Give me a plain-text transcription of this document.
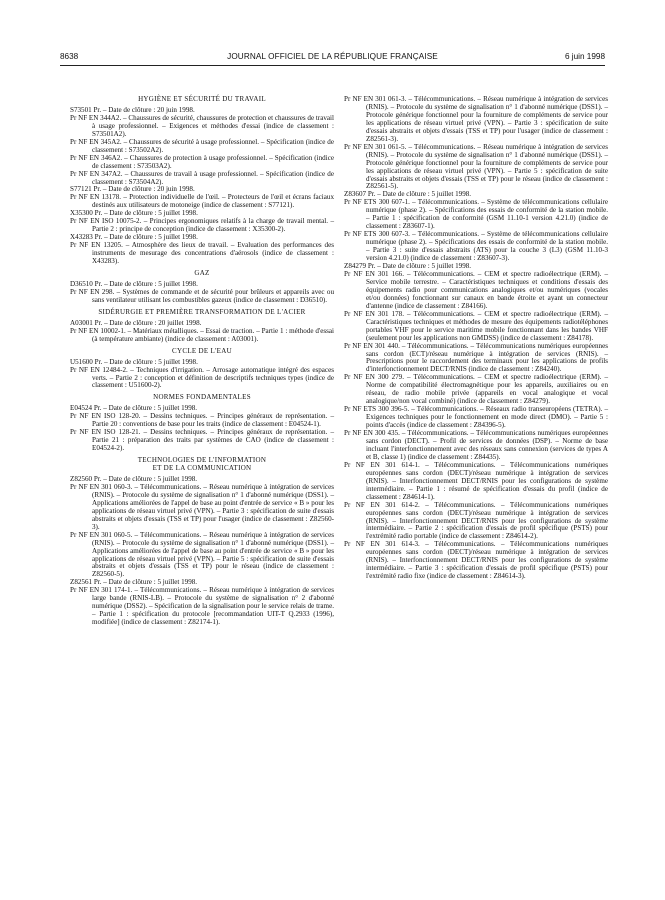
8638	JOURNAL OFFICIEL DE LA RÉPUBLIQUE FRANÇAISE	6 juin 1998
HYGIÈNE ET SÉCURITÉ DU TRAVAIL

S73501 Pr. – Date de clôture : 20 juin 1998.

Pr NF EN 344A2. – Chaussures de sécurité, chaussures de protection et chaussures de travail à usage professionnel. – Exigences et méthodes d'essai (indice de classement : S73501A2).

Pr NF EN 345A2. – Chaussures de sécurité à usage professionnel. – Spécification (indice de classement : S73502A2).

Pr NF EN 346A2. – Chaussures de protection à usage professionnel. – Spécification (indice de classement : S73503A2).

Pr NF EN 347A2. – Chaussures de travail à usage professionnel. – Spécification (indice de classement : S73504A2).

S77121 Pr. – Date de clôture : 20 juin 1998.

Pr NF EN 13178. – Protection individuelle de l'œil. – Protecteurs de l'œil et écrans faciaux destinés aux utilisateurs de motoneige (indice de classement : S77121).

X35300 Pr. – Date de clôture : 5 juillet 1998.

Pr NF EN ISO 10075-2. – Principes ergonomiques relatifs à la charge de travail mental. – Partie 2 : principe de conception (indice de classement : X35300-2).

X43283 Pr. – Date de clôture : 5 juillet 1998.

Pr NF EN 13205. – Atmosphère des lieux de travail. – Evaluation des performances des instruments de mesurage des concentrations d'aérosols (indice de classement : X43283).

GAZ

D36510 Pr. – Date de clôture : 5 juillet 1998.

Pr NF EN 298. – Systèmes de commande et de sécurité pour brûleurs et appareils avec ou sans ventilateur utilisant les combustibles gazeux (indice de classement : D36510).

SIDÉRURGIE ET PREMIÈRE TRANSFORMATION DE L'ACIER

A03001 Pr. – Date de clôture : 20 juillet 1998.

Pr NF EN 10002-1. – Matériaux métalliques. – Essai de traction. – Partie 1 : méthode d'essai (à température ambiante) (indice de classement : A03001).

CYCLE DE L'EAU

U51600 Pr. – Date de clôture : 5 juillet 1998.

Pr NF EN 12484-2. – Techniques d'irrigation. – Arrosage automatique intégré des espaces verts. – Partie 2 : conception et définition de descriptifs techniques types (indice de classement : U51600-2).

NORMES FONDAMENTALES

E04524 Pr. – Date de clôture : 5 juillet 1998.

Pr NF EN ISO 128-20. – Dessins techniques. – Principes généraux de représentation. – Partie 20 : conventions de base pour les traits (indice de classement : E04524-1).

Pr NF EN ISO 128-21. – Dessins techniques. – Principes généraux de représentation. – Partie 21 : préparation des traits par systèmes de CAO (indice de classement : E04524-2).

TECHNOLOGIES DE L'INFORMATION
ET DE LA COMMUNICATION

Z82560 Pr. – Date de clôture : 5 juillet 1998.

Pr NF EN 301 060-3. – Télécommunications. – Réseau numérique à intégration de services (RNIS). – Protocole du système de signalisation n° 1 d'abonné numérique (DSS1). – Applications améliorées de l'appel de base au point d'entrée de service « B » pour les applications de réseau virtuel privé (VPN). – Partie 3 : spécification de suite d'essais abstraits et objets d'essais (TSS et TP) pour l'usager (indice de classement : Z82560-3).

Pr NF EN 301 060-5. – Télécommunications. – Réseau numérique à intégration de services (RNIS). – Protocole du système de signalisation n° 1 d'abonné numérique (DSS1). – Applications améliorées de l'appel de base au point d'entrée de service « B » pour les applications de réseau virtuel privé (VPN). – Partie 5 : spécification de suite d'essais abstraits et objets d'essais (TSS et TP) pour le réseau (indice de classement : Z82560-5).

Z82561 Pr. – Date de clôture : 5 juillet 1998.

Pr NF EN 301 174-1. – Télécommunications. – Réseau numérique à intégration de services large bande (RNIS-LB). – Protocole du système de signalisation n° 2 d'abonné numérique (DSS2). – Spécification de la signalisation pour le service relais de trame. – Partie 1 : spécification du protocole [recommandation UIT-T Q.2933 (1996), modifiée] (indice de classement : Z82174-1).

Pr NF EN 301 061-3. – Télécommunications. – Réseau numérique à intégration de services (RNIS). – Protocole du système de signalisation n° 1 d'abonné numérique (DSS1). – Protocole générique fonctionnel pour la fourniture de compléments de service pour les applications de réseau virtuel privé (VPN). – Partie 3 : spécification de suite d'essais abstraits et objets d'essais (TSS et TP) pour l'usager (indice de classement : Z82561-3).

Pr NF EN 301 061-5. – Télécommunications. – Réseau numérique à intégration de services (RNIS). – Protocole du système de signalisation n° 1 d'abonné numérique (DSS1). – Protocole générique fonctionnel pour la fourniture de compléments de service pour les applications de réseau virtuel privé (VPN). – Partie 5 : spécification de suite d'essais abstraits et objets d'essais (TSS et TP) pour le réseau (indice de classement : Z82561-5).

Z83607 Pr. – Date de clôture : 5 juillet 1998.

Pr NF ETS 300 607-1. – Télécommunications. – Système de télécommunications cellulaire numérique (phase 2). – Spécifications des essais de conformité de la station mobile. – Partie 1 : spécification de conformité (GSM 11.10-1 version 4.21.0) (indice de classement : Z83607-1).

Pr NF ETS 300 607-3. – Télécommunications. – Système de télécommunications cellulaire numérique (phase 2). – Spécifications des essais de conformité de la station mobile. – Partie 3 : suite d'essais abstraits (ATS) pour la couche 3 (L3) (GSM 11.10-3 version 4.21.0) (indice de classement : Z83607-3).

Z84279 Pr. – Date de clôture : 5 juillet 1998.

Pr NF EN 301 166. – Télécommunications. – CEM et spectre radioélectrique (ERM). – Service mobile terrestre. – Caractéristiques techniques et conditions d'essais des équipements radio pour communications analogiques et/ou numériques (vocales et/ou données) fonctionnant sur canaux en bande étroite et ayant un connecteur d'antenne (indice de classement : Z84166).

Pr NF EN 301 178. – Télécommunications. – CEM et spectre radioélectrique (ERM). – Caractéristiques techniques et méthodes de mesure des équipements radiotéléphones portables VHF pour le service maritime mobile fonctionnant dans les bandes VHF (seulement pour les applications non GMDSS) (indice de classement : Z84178).

Pr NF EN 301 440. – Télécommunications. – Télécommunications numériques européennes sans cordon (ECT)/réseau numérique à intégration de services (RNIS). – Prescriptions pour le raccordement des terminaux pour les applications de profils d'interfonctionnement DECT/RNIS (indice de classement : Z84240).

Pr NF EN 300 279. – Télécommunications. – CEM et spectre radioélectrique (ERM). – Norme de compatibilité électromagnétique pour les appareils, auxiliaires ou en réseau, de radio mobile privée (appareils en vocal analogique et vocal analogique/non vocal combiné) (indice de classement : Z84279).

Pr NF ETS 300 396-5. – Télécommunications. – Réseaux radio transeuropéens (TETRA). – Exigences techniques pour le fonctionnement en mode direct (DMO). – Partie 5 : points d'accès (indice de classement : Z84396-5).

Pr NF EN 300 435. – Télécommunications. – Télécommunications numériques européennes sans cordon (DECT). – Profil de services de données (DSP). – Norme de base incluant l'interfonctionnement avec des réseaux sans connexion (services de types A et B, classe 1) (indice de classement : Z84435).

Pr NF EN 301 614-1. – Télécommunications. – Télécommunications numériques européennes sans cordon (DECT)/réseau numérique à intégration de services (RNIS). – Interfonctionnement DECT/RNIS pour les configurations de système intermédiaire. – Partie 1 : résumé de spécification d'essais du profil (indice de classement : Z84614-1).

Pr NF EN 301 614-2. – Télécommunications. – Télécommunications numériques européennes sans cordon (DECT)/réseau numérique à intégration de services (RNIS). – Interfonctionnement DECT/RNIS pour les configurations de système intermédiaire. – Partie 2 : spécification d'essais de profil spécifique (PSTS) pour l'extrémité radio portable (indice de classement : Z84614-2).

Pr NF EN 301 614-3. – Télécommunications. – Télécommunications numériques européennes sans cordon (DECT)/réseau numérique à intégration de services (RNIS). – Interfonctionnement DECT/RNIS pour les configurations de système intermédiaire. – Partie 3 : spécification d'essais de profil spécifique (PSTS) pour l'extrémité radio fixe (indice de classement : Z84614-3).
